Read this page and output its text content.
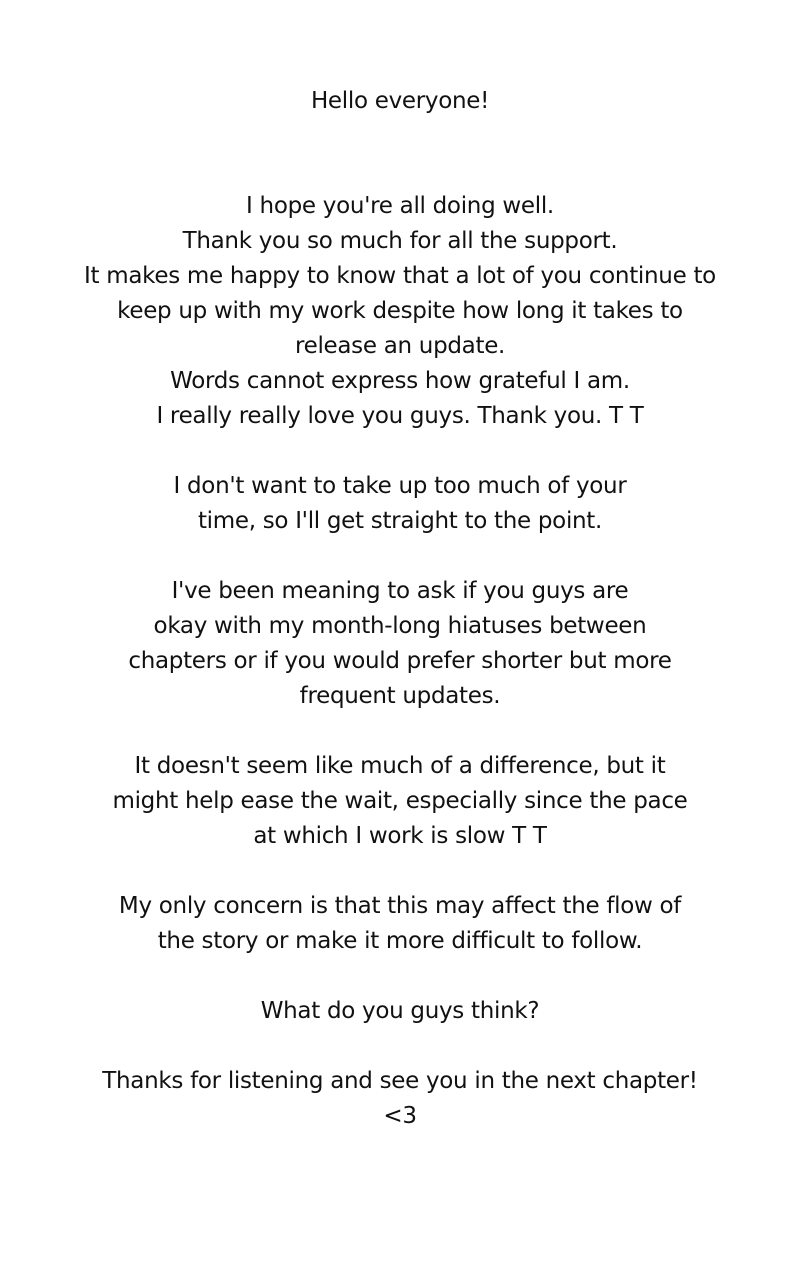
Hello everyone!
I hope you're all doing well.
Thank you so much for all the support.
It makes me happy to know that a lot of you continue to
keep up with my work despite how long it takes to
release an update.
Words cannot express how grateful I am.
I really really love you guys. Thank you. T T
I don't want to take up too much of your
time, so I'll get straight to the point.
I've been meaning to ask if you guys are
okay with my month-long hiatuses between
chapters or if you would prefer shorter but more
frequent updates.
It doesn't seem like much of a difference, but it
might help ease the wait, especially since the pace
at which I work is slow T T
My only concern is that this may affect the flow of
the story or make it more difficult to follow.
What do you guys think?
Thanks for listening and see you in the next chapter!
<3
